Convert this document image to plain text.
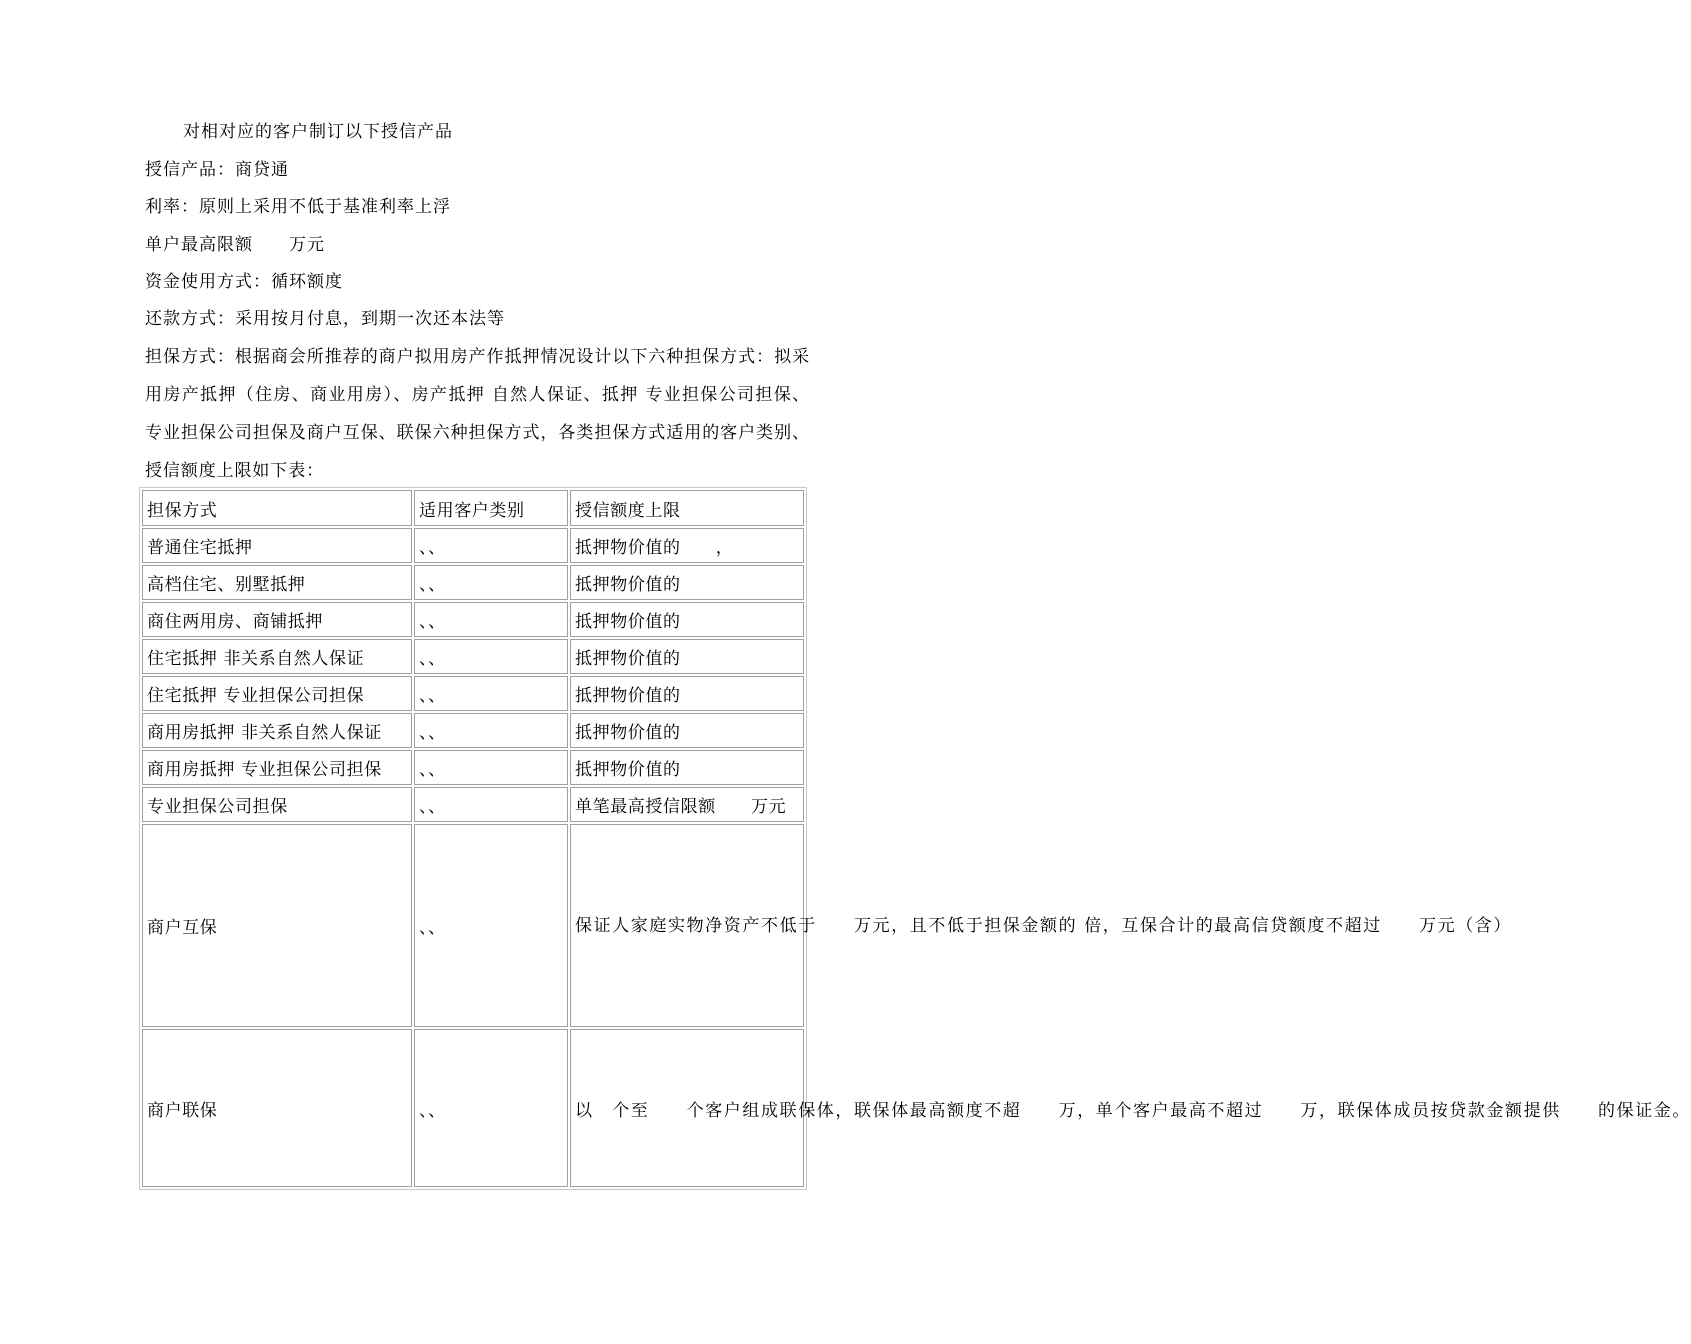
对相对应的客户制订以下授信产品
授信产品：商贷通
利率：原则上采用不低于基准利率上浮
单户最高限额　　万元
资金使用方式：循环额度
还款方式：采用按月付息，到期一次还本法等
担保方式：根据商会所推荐的商户拟用房产作抵押情况设计以下六种担保方式：拟采用房产抵押（住房、商业用房）、房产抵押 自然人保证、抵押 专业担保公司担保、专业担保公司担保及商户互保、联保六种担保方式，各类担保方式适用的客户类别、授信额度上限如下表：
担保方式	适用客户类别	授信额度上限
普通住宅抵押	、、	抵押物价值的　　，
高档住宅、别墅抵押	、、	抵押物价值的
商住两用房、商铺抵押	、、	抵押物价值的
住宅抵押 非关系自然人保证	、、	抵押物价值的
住宅抵押 专业担保公司担保	、、	抵押物价值的
商用房抵押 非关系自然人保证	、、	抵押物价值的
商用房抵押 专业担保公司担保	、、	抵押物价值的
专业担保公司担保	、、	单笔最高授信限额　　万元
商户互保	、、	保证人家庭实物净资产不低于　　万元，且不低于担保金额的 倍，互保合计的最高信贷额度不超过　　万元（含）

商户联保	、、	以　个至　　个客户组成联保体，联保体最高额度不超　　万，单个客户最高不超过　　万，联保体成员按贷款金额提供　　的保证金。
